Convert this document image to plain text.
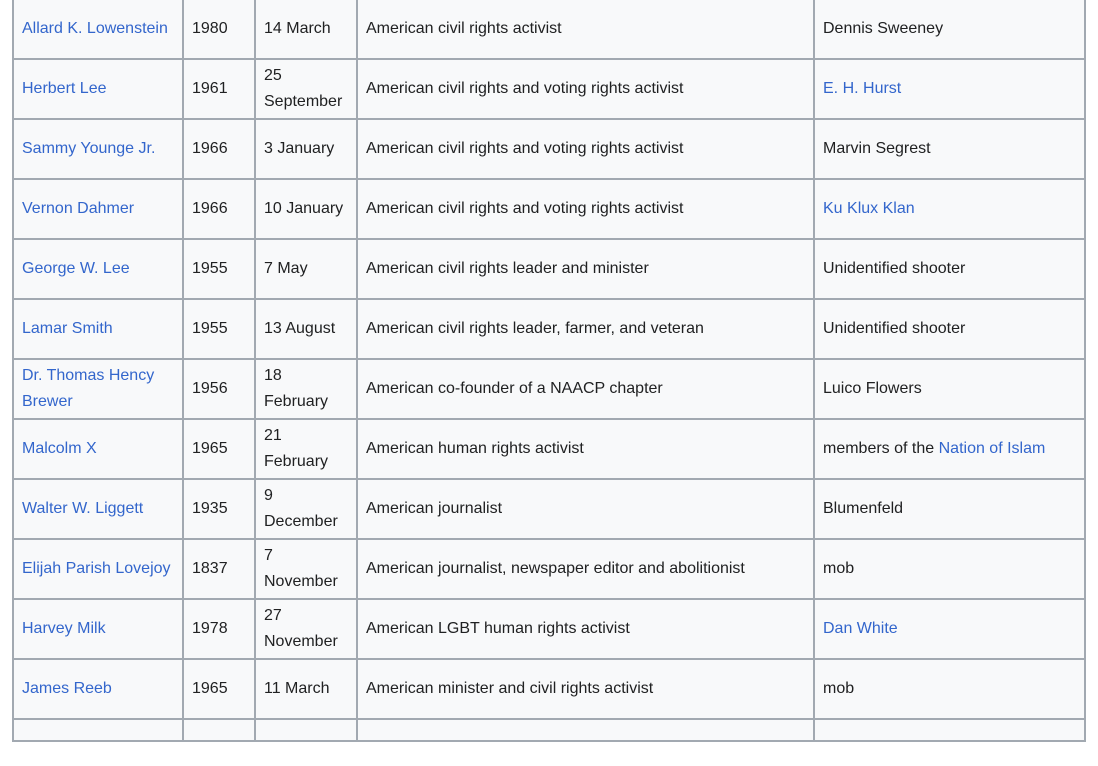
Allard K. Lowenstein	1980	14 March	American civil rights activist	Dennis Sweeney
Herbert Lee	1961	25 September	American civil rights and voting rights activist	E. H. Hurst
Sammy Younge Jr.	1966	3 January	American civil rights and voting rights activist	Marvin Segrest
Vernon Dahmer	1966	10 January	American civil rights and voting rights activist	Ku Klux Klan
George W. Lee	1955	7 May	American civil rights leader and minister	Unidentified shooter
Lamar Smith	1955	13 August	American civil rights leader, farmer, and veteran	Unidentified shooter
Dr. Thomas Hency Brewer	1956	18 February	American co-founder of a NAACP chapter	Luico Flowers
Malcolm X	1965	21 February	American human rights activist	members of the Nation of Islam
Walter W. Liggett	1935	9 December	American journalist	Blumenfeld
Elijah Parish Lovejoy	1837	7 November	American journalist, newspaper editor and abolitionist	mob
Harvey Milk	1978	27 November	American LGBT human rights activist	Dan White
James Reeb	1965	11 March	American minister and civil rights activist	mob
